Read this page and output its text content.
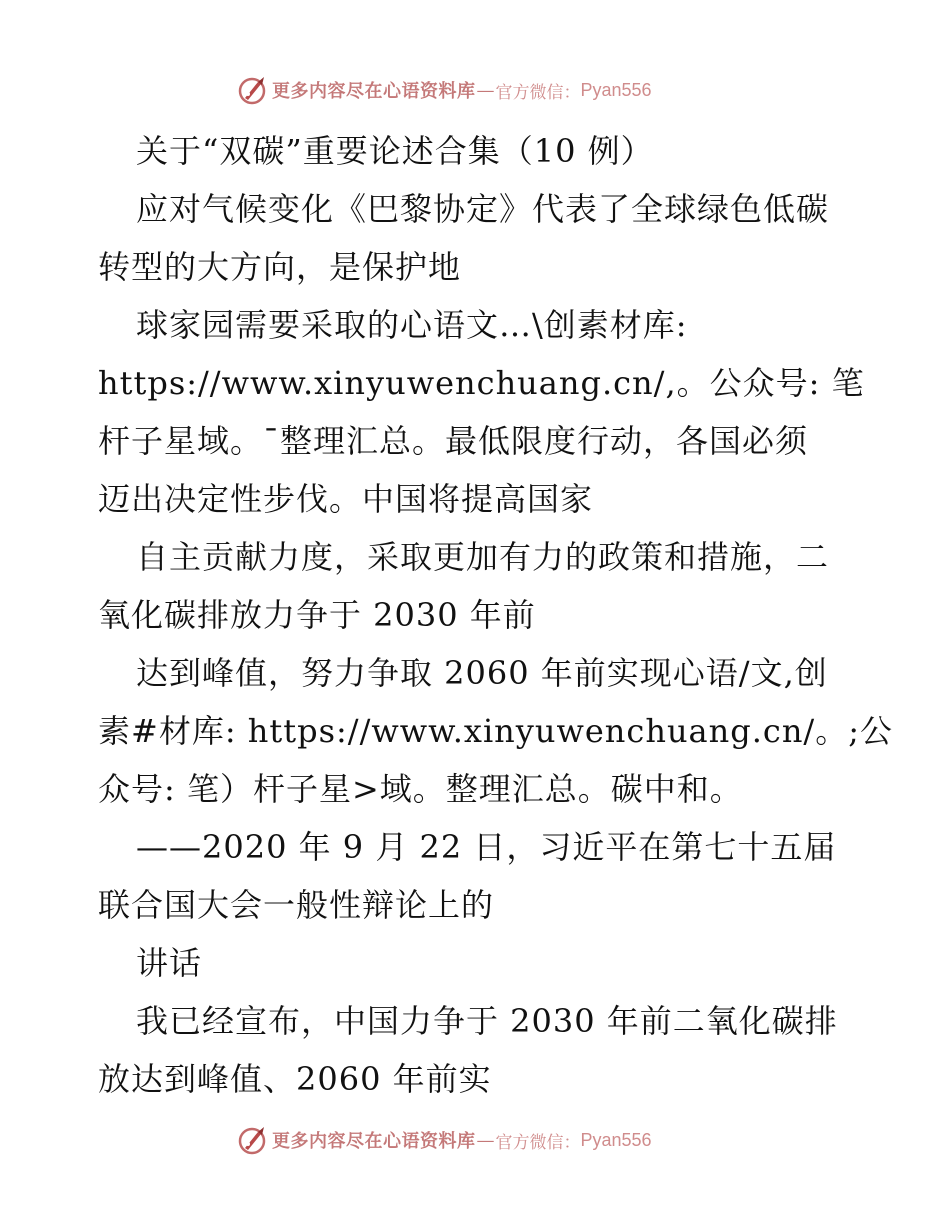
更多内容尽在心语资料库 — 官方微信： Pyan556
关于“双碳”重要论述合集（10 例）
应对气候变化《巴黎协定》代表了全球绿色低碳
转型的大方向，是保护地
球家园需要采取的心语文…\创素材库:
https://www.xinyuwenchuang.cn/,。公众号: 笔
杆子星域。¯整理汇总。最低限度行动，各国必须
迈出决定性步伐。中国将提高国家
自主贡献力度，采取更加有力的政策和措施，二
氧化碳排放力争于 2030 年前
达到峰值，努力争取 2060 年前实现心语/文,创
素#材库: https://www.xinyuwenchuang.cn/。;公
众号: 笔）杆子星>域。整理汇总。碳中和。
——2020 年 9 月 22 日，习近平在第七十五届
联合国大会一般性辩论上的
讲话
我已经宣布，中国力争于 2030 年前二氧化碳排
放达到峰值、2060 年前实
更多内容尽在心语资料库 — 官方微信： Pyan556
